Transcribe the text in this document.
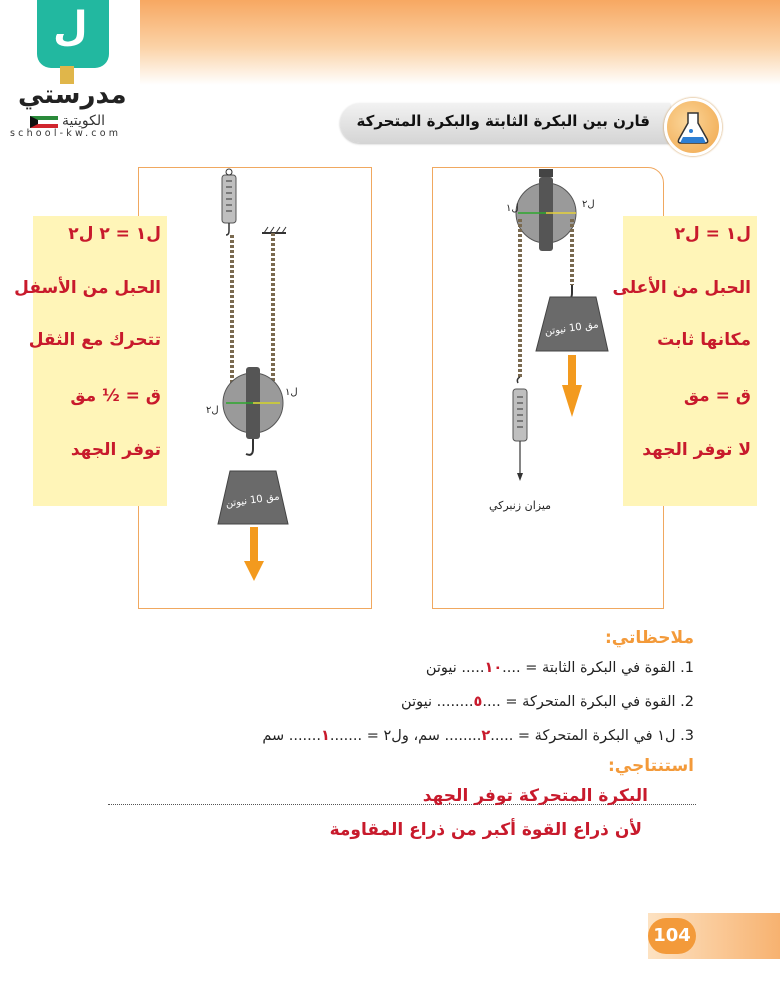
ل
مدرستي
الكويتية
school-kw.com
قارن بين البكرة الثابتة والبكرة المتحركة
ل٢
ل١
مق 10 نيوتن
ل١ = ٢ ل٢
الحبل من الأسفل
تتحرك مع الثقل
ق = ½ مق
توفر الجهد
ل١	ل٢
مق 10 نيوتن
ميزان زنبركي
ل١ = ل٢
الحبل من الأعلى
مكانها ثابت
ق = مق
لا توفر الجهد
ملاحظاتي:
1. القوة في البكرة الثابتة = ....١٠..... نيوتن
2. القوة في البكرة المتحركة = ....٥........ نيوتن
3. ل١ في البكرة المتحركة = .....٢........ سم، ول٢ = .......١....... سم
استنتاجي:
البكرة المتحركة توفر الجهد
لأن ذراع القوة أكبر من ذراع المقاومة
104
